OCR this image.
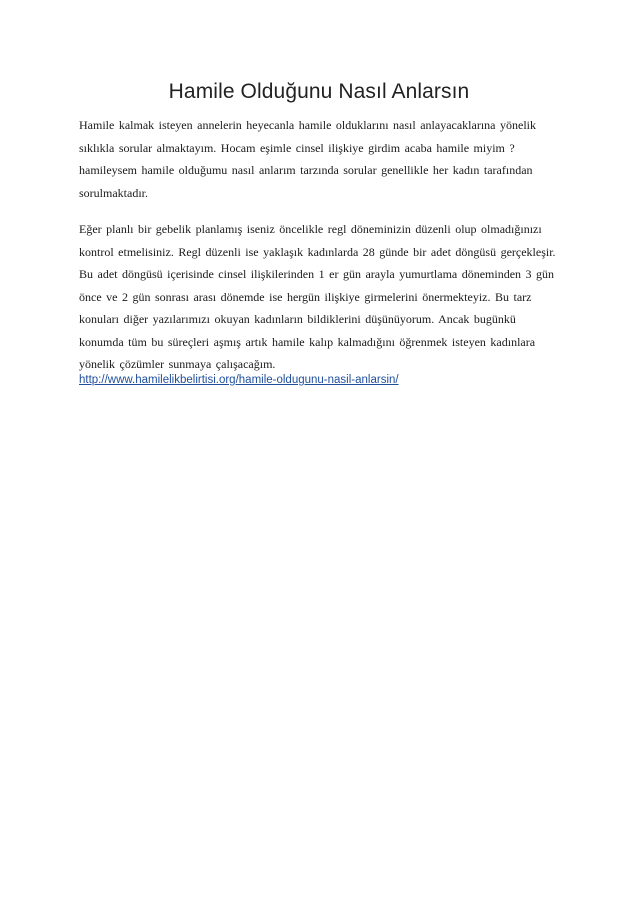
Hamile Olduğunu Nasıl Anlarsın

Hamile kalmak isteyen annelerin heyecanla hamile olduklarını nasıl anlayacaklarına yönelik sıklıkla sorular almaktayım. Hocam eşimle cinsel ilişkiye girdim acaba hamile miyim ? hamileysem hamile olduğumu nasıl anlarım tarzında sorular genellikle her kadın tarafından sorulmaktadır.

Eğer planlı bir gebelik planlamış iseniz öncelikle regl döneminizin düzenli olup olmadığınızı kontrol etmelisiniz. Regl düzenli ise yaklaşık kadınlarda 28 günde bir adet döngüsü gerçekleşir. Bu adet döngüsü içerisinde cinsel ilişkilerinden 1 er gün arayla yumurtlama döneminden 3 gün önce ve 2 gün sonrası arası dönemde ise hergün ilişkiye girmelerini önermekteyiz. Bu tarz konuları diğer yazılarımızı okuyan kadınların bildiklerini düşünüyorum. Ancak bugünkü konumda tüm bu süreçleri aşmış artık hamile kalıp kalmadığını öğrenmek isteyen kadınlara yönelik çözümler sunmaya çalışacağım.

http://www.hamilelikbelirtisi.org/hamile-oldugunu-nasil-anlarsin/
